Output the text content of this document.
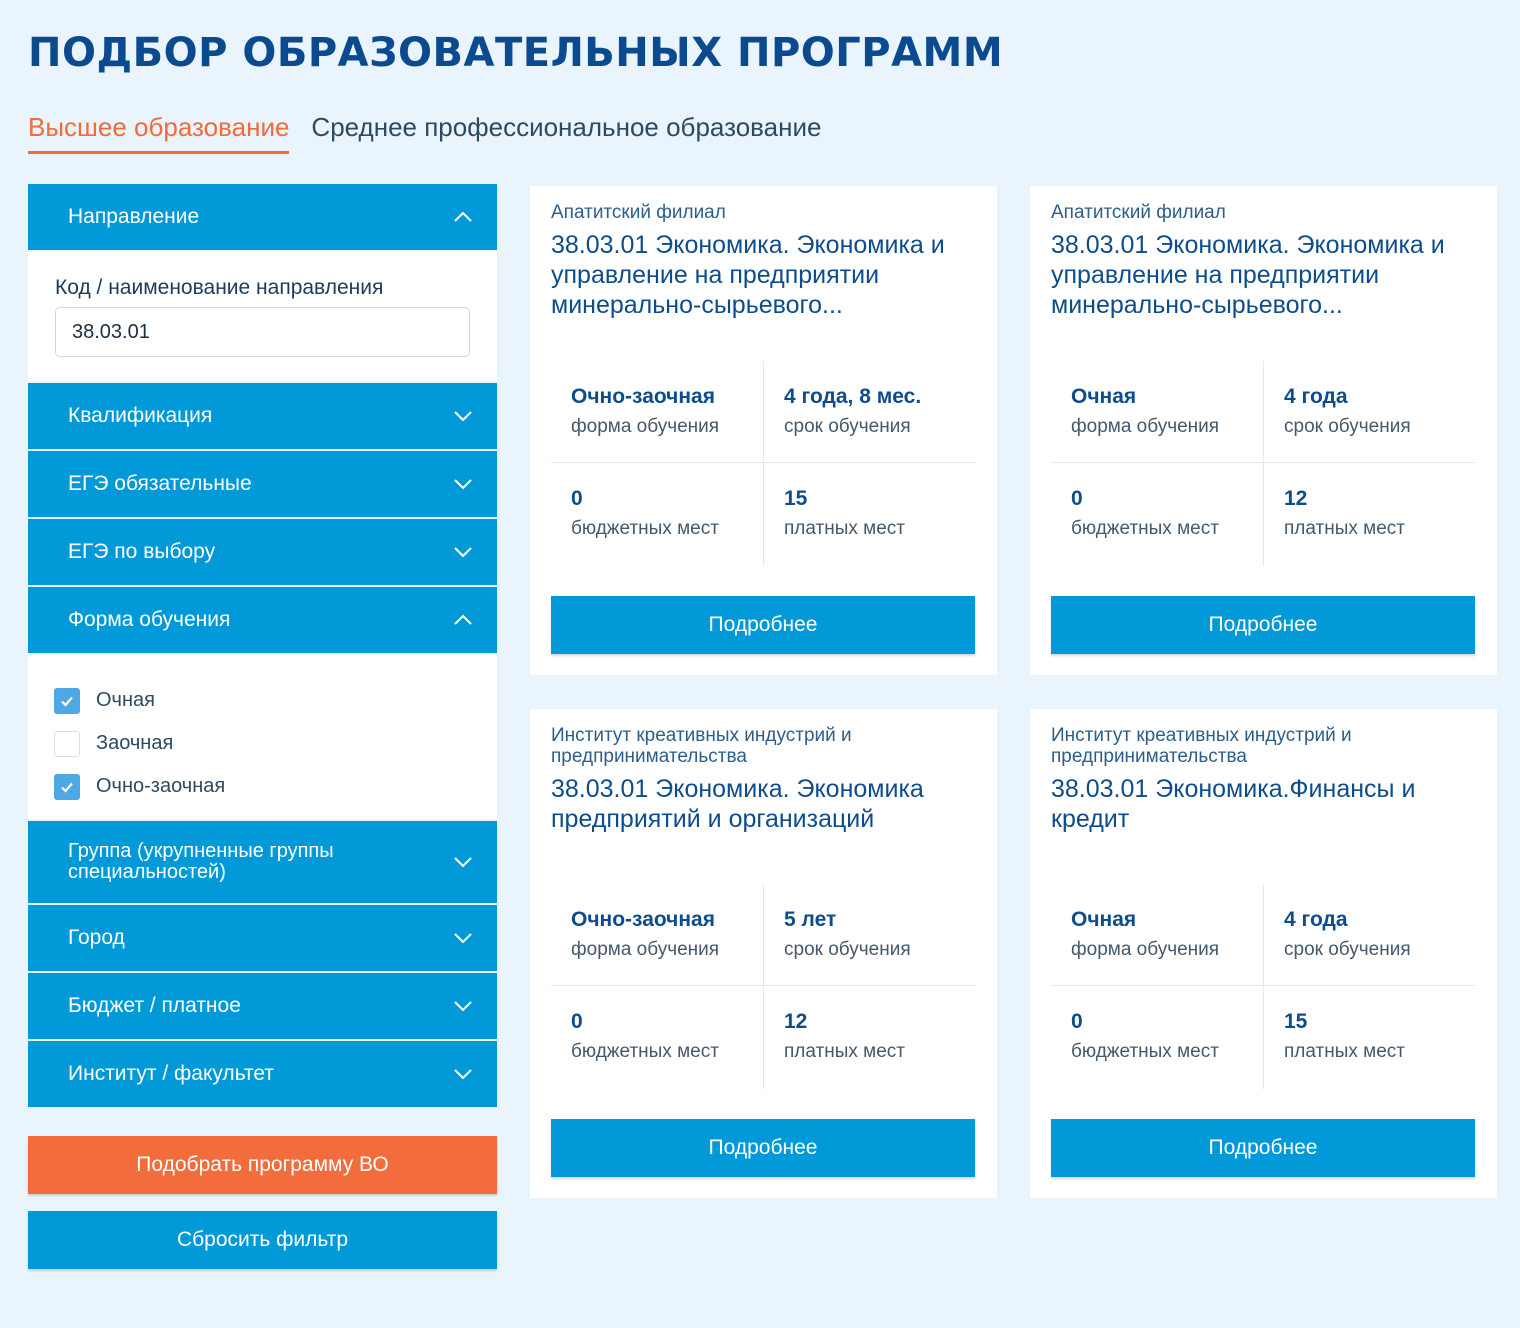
ПОДБОР ОБРАЗОВАТЕЛЬНЫХ ПРОГРАММ
Высшее образование Среднее профессиональное образование
Направление
Код / наименование направления
38.03.01
Квалификация
ЕГЭ обязательные
ЕГЭ по выбору
Форма обучения
Очная
Заочная
Очно-заочная
Группа (укрупненные группы специальностей)
Город
Бюджет / платное
Институт / факультет
Подобрать программу ВО
Сбросить фильтр
Апатитский филиал
38.03.01 Экономика. Экономика и управление на предприятии минерально-сырьевого...
Очно-заочная
форма обучения
4 года, 8 мес.
срок обучения
0
бюджетных мест
15
платных мест
Подробнее
Апатитский филиал
38.03.01 Экономика. Экономика и управление на предприятии минерально-сырьевого...
Очная
форма обучения
4 года
срок обучения
0
бюджетных мест
12
платных мест
Подробнее
Институт креативных индустрий и предпринимательства
38.03.01 Экономика. Экономика предприятий и организаций
Очно-заочная
форма обучения
5 лет
срок обучения
0
бюджетных мест
12
платных мест
Подробнее
Институт креативных индустрий и предпринимательства
38.03.01 Экономика.Финансы и кредит
Очная
форма обучения
4 года
срок обучения
0
бюджетных мест
15
платных мест
Подробнее
